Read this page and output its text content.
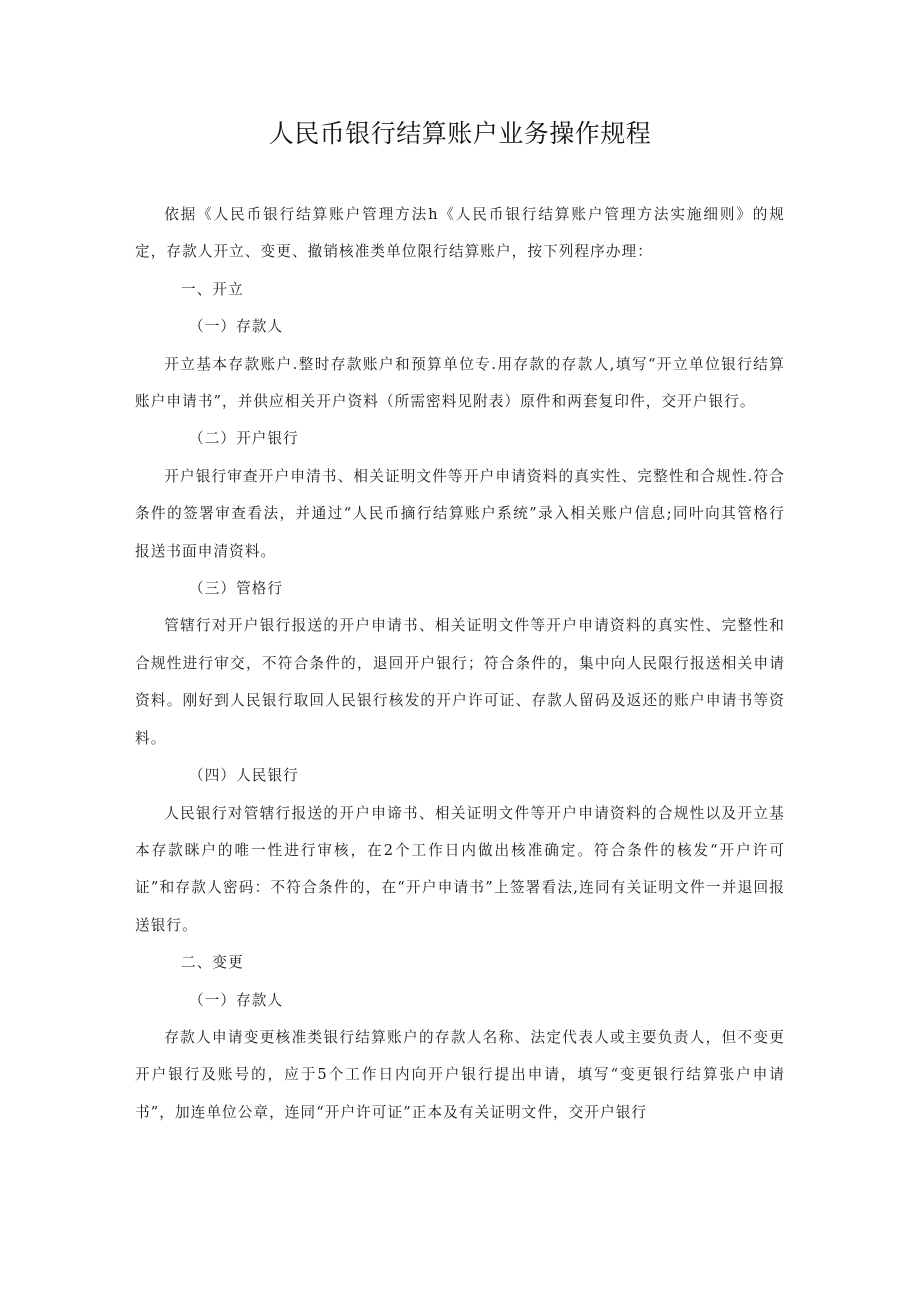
人民币银行结算账户业务操作规程

依据《人民币银行结算账户管理方法h《人民币银行结算账户管理方法实施细则》的规定，存款人开立、变更、撤销核准类单位限行结算账户，按下列程序办理：

一、开立

（一）存款人

开立基本存款账户.整时存款账户和预算单位专.用存款的存款人,填写“开立单位银行结算账户申请书”，并供应相关开户资料（所需密料见附表）原件和两套复印件，交开户银行。

（二）开户银行

开户银行审查开户申清书、相关证明文件等开户申请资料的真实性、完整性和合规性.符合条件的签署审查看法，并通过“人民币摘行结算账户系统”录入相关账户信息;同叶向其管格行报送书面申清资料。

（三）管格行

管辖行对开户银行报送的开户申请书、相关证明文件等开户申请资料的真实性、完整性和合规性进行审交，不符合条件的，退回开户银行；符合条件的，集中向人民限行报送相关申请资料。刚好到人民银行取回人民银行核发的开户许可证、存款人留码及返还的账户申请书等资料。

（四）人民银行

人民银行对管辖行报送的开户申谛书、相关证明文件等开户申请资料的合规性以及开立基本存款眯户的唯一性进行审核，在2个工作日内做出核准确定。符合条件的核发“开户许可证”和存款人密码：不符合条件的，在“开户申请书”上签署看法,连同有关证明文件一并退回报送银行。

二、变更

（一）存款人

存款人申请变更核准类银行结算账户的存款人名称、法定代表人或主要负责人，但不变更开户银行及账号的，应于5个工作日内向开户银行提出申请，填写“变更银行结算张户申请书”，加连单位公章，连同“开户许可证”正本及有关证明文件，交开户银行
